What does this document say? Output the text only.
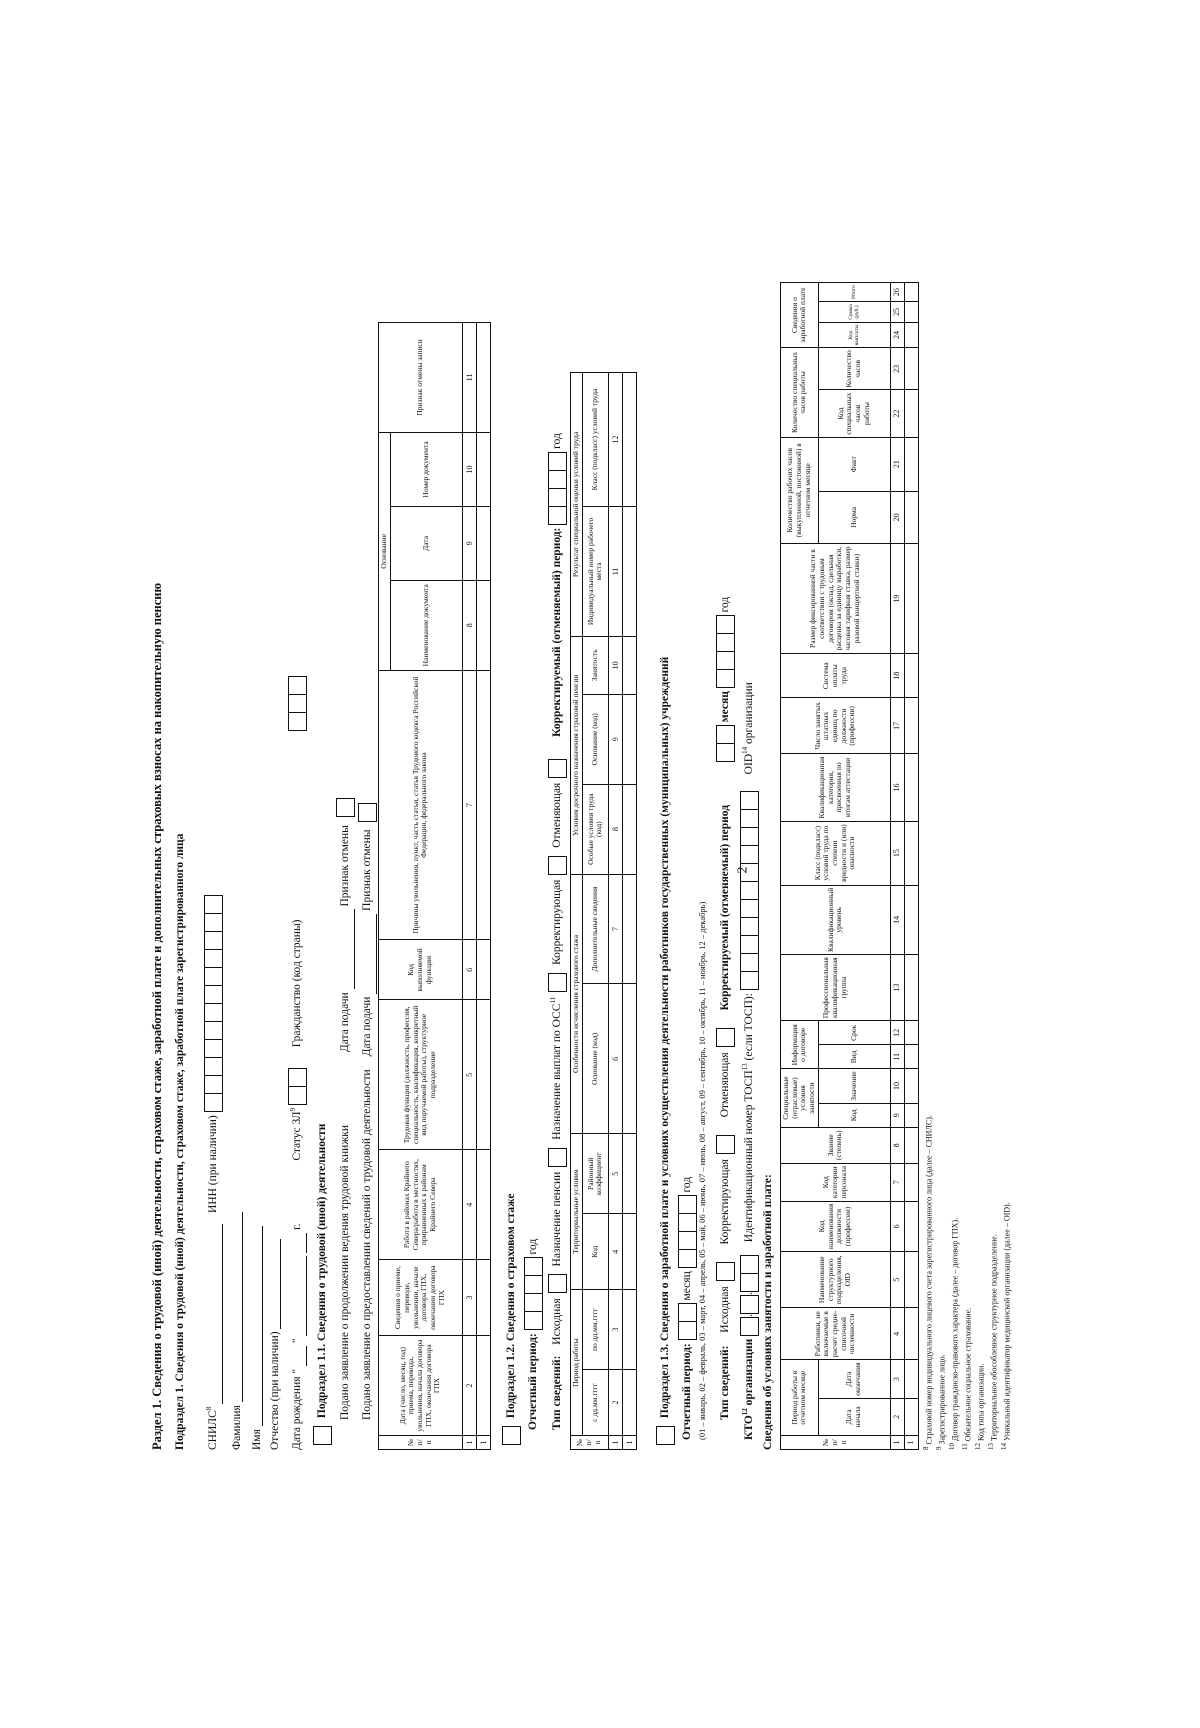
2
Раздел 1. Сведения о трудовой (иной) деятельности, страховом стаже, заработной плате и дополнительных страховых взносах на накопительную пенсию Подраздел 1. Сведения о трудовой (иной) деятельности, страховом стаже, заработной плате зарегистрированного лица СНИЛС$^8$  ИНН (при наличии)
Фамилия Имя Отчество (при наличии) Дата рождения "  "   г. Статус $ЗЛ^9$
Гражданство (код страны)
Подраздел 1.1. Сведения о трудовой (иной) деятельности Подано заявление о продолжении ведения трудовой книжки Дата подачи  Признак отмены
Подано заявление о предоставлении сведений о трудовой деятельности Дата подачи  Признак отмены
№ п/п	Дата (число, месяц, год) приема, перевода, увольнения, начала договора ГПХ, окончания договора ГПХ	Сведения о приеме, переводе, увольнении, начале договора ГПХ, окончании договора ГПХ	Работа в районах Крайнего Севера/работа в местностях, приравненных к районам Крайнего Севера	Трудовая функция (должность, профессия, специальность, квалификация, конкретный вид поручаемой работы), структурное подразделение	Код выполняемой функции	Причины увольнения, пункт, часть статьи, статья Трудового кодекса Российской Федерации, федерального закона	Основание			Признак отмены записи
							Наименование документа	Дата	Номер документа	
1	2	3	4	5	6	7	8	9	10	11
1										
Подраздел 1.2. Сведения о страховом стаже Отчетный период:
год
Тип сведений: Исходная Назначение пенсии Назначение выплат по ОСС$^{11}$ Корректирующая Отменяющая Корректируемый (отменяемый) период:
год
№ п/п	Период работы		Территориальные условия		Особенности исчисления страхового стажа		Условия досрочного назначения страховой пенсии			Результат специальной оценки условий труда	
	с дд.мм.гггг	по дд.мм.гггг	Код	Районный коэффициент	Основание (код)	Дополнительные сведения	Особые условия труда (код)	Основание (код)	Занятость	Индивидуальный номер рабочего места	Класс (подкласс) условий труда
1	2	3	4	5	6	7	8	9	10	11	12
1											
Подраздел 1.3. Сведения о заработной плате и условиях осуществления деятельности работников государственных (муниципальных) учреждений Отчетный период:
месяц
год (01 – январь, 02 – февраль, 03 – март, 04 – апрель, 05 – май, 06 – июнь, 07 – июль, 08 – август, 09 – сентябрь, 10 – октябрь, 11 – ноябрь, 12 – декабрь) Тип сведений: Исходная Корректирующая Отменяющая Корректируемый (отменяемый) период
месяц
год
КТО$^{12}$ организации
.
.
Идентификационный номер ТОСП$^{13}$ (если ТОСП):
OID$^{14}$ организации
Сведения об условиях занятости и заработной плате:	№ п/п	Период работы в отчетном месяце		Работники, не включаемые в расчет средне-списочной численности	Наименование структурного подразделения, OID	Код наименования должности (профессии)	Код категории персонала	Звание (степень)	Специальные (отраслевые) условия занятости		Информация о договоре		Профессиональная квалификационная группа	Квалификационный уровень	Класс (подкласс) условий труда по степени вредности и (или) опасности	Квалификационная категория, присвоенная по итогам аттестации	Число занятых штатных единиц по должности (профессии)	Система оплаты труда	Размер фиксированной части в соответствии с трудовым договором (оклад, сдельная расценка за единицу выработки, часовая тарифная ставка, размер разовой концертной ставки)	Количество рабочих часов (выкупленной, постоянной) в отчетном месяце		Количество специальных часов работы		Сведения о заработной плате		
	Дата начала	Дата окончания						Код	Значение	Вид	Срок								Норма	Факт	Код специальных часов работы	Количество часов	Код выплаты	Сумма (руб.)	Итого
1	2	3	4	5	6	7	8	9	10	11	12	13	14	15	16	17	18	19	20	21	22	23	24	25	26
1																									
$^8$ Страховой номер индивидуального лицевого счета зарегистрированного лица (далее – СНИЛС).
$^9$ Зарегистрированное лицо.
$^{10}$ Договор гражданско-правового характера (далее – договор ГПХ).
$^{11}$ Обязательное социальное страхование.
$^{12}$ Код типа организации.
$^{13}$ Территориальное обособленное структурное подразделение.
$^{14}$ Уникальный идентификатор медицинской организации (далее – OID).
